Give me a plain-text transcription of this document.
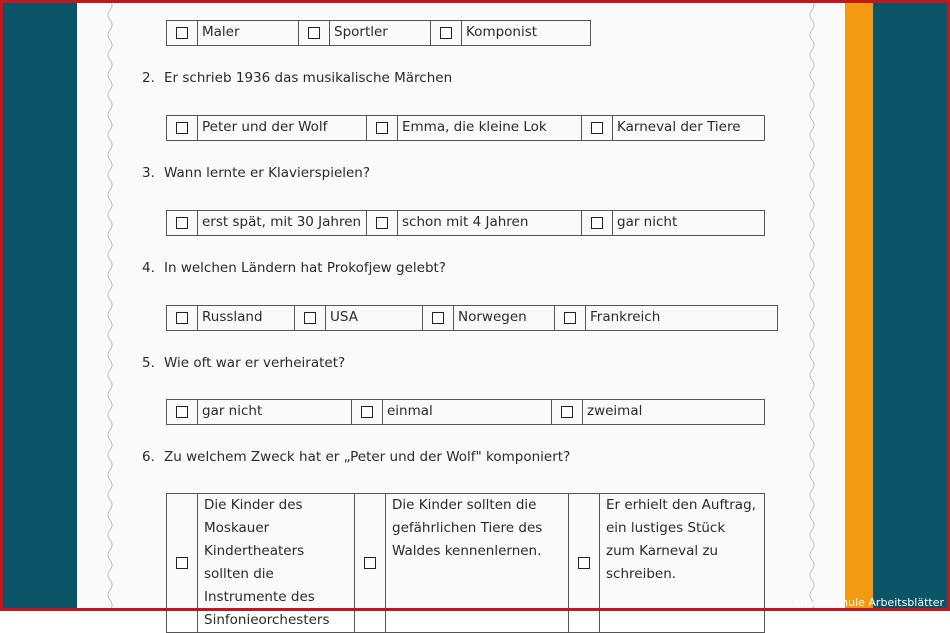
	Maler		Sportler		Komponist
2. Er schrieb 1936 das musikalische Märchen
	Peter und der Wolf		Emma, die kleine Lok		Karneval der Tiere
3. Wann lernte er Klavierspielen?
	erst spät, mit 30 Jahren		schon mit 4 Jahren		gar nicht
4. In welchen Ländern hat Prokofjew gelebt?
	Russland		USA		Norwegen		Frankreich
5. Wie oft war er verheiratet?
	gar nicht		einmal		zweimal
6. Zu welchem Zweck hat er „Peter und der Wolf" komponiert?
	Die Kinder des Moskauer Kindertheaters sollten die Instrumente des Sinfonieorchesters		Die Kinder sollten die gefährlichen Tiere des Waldes kennenlernen.		Er erhielt den Auftrag, ein lustiges Stück zum Karneval zu schreiben.
Grundschule Arbeitsblätter
